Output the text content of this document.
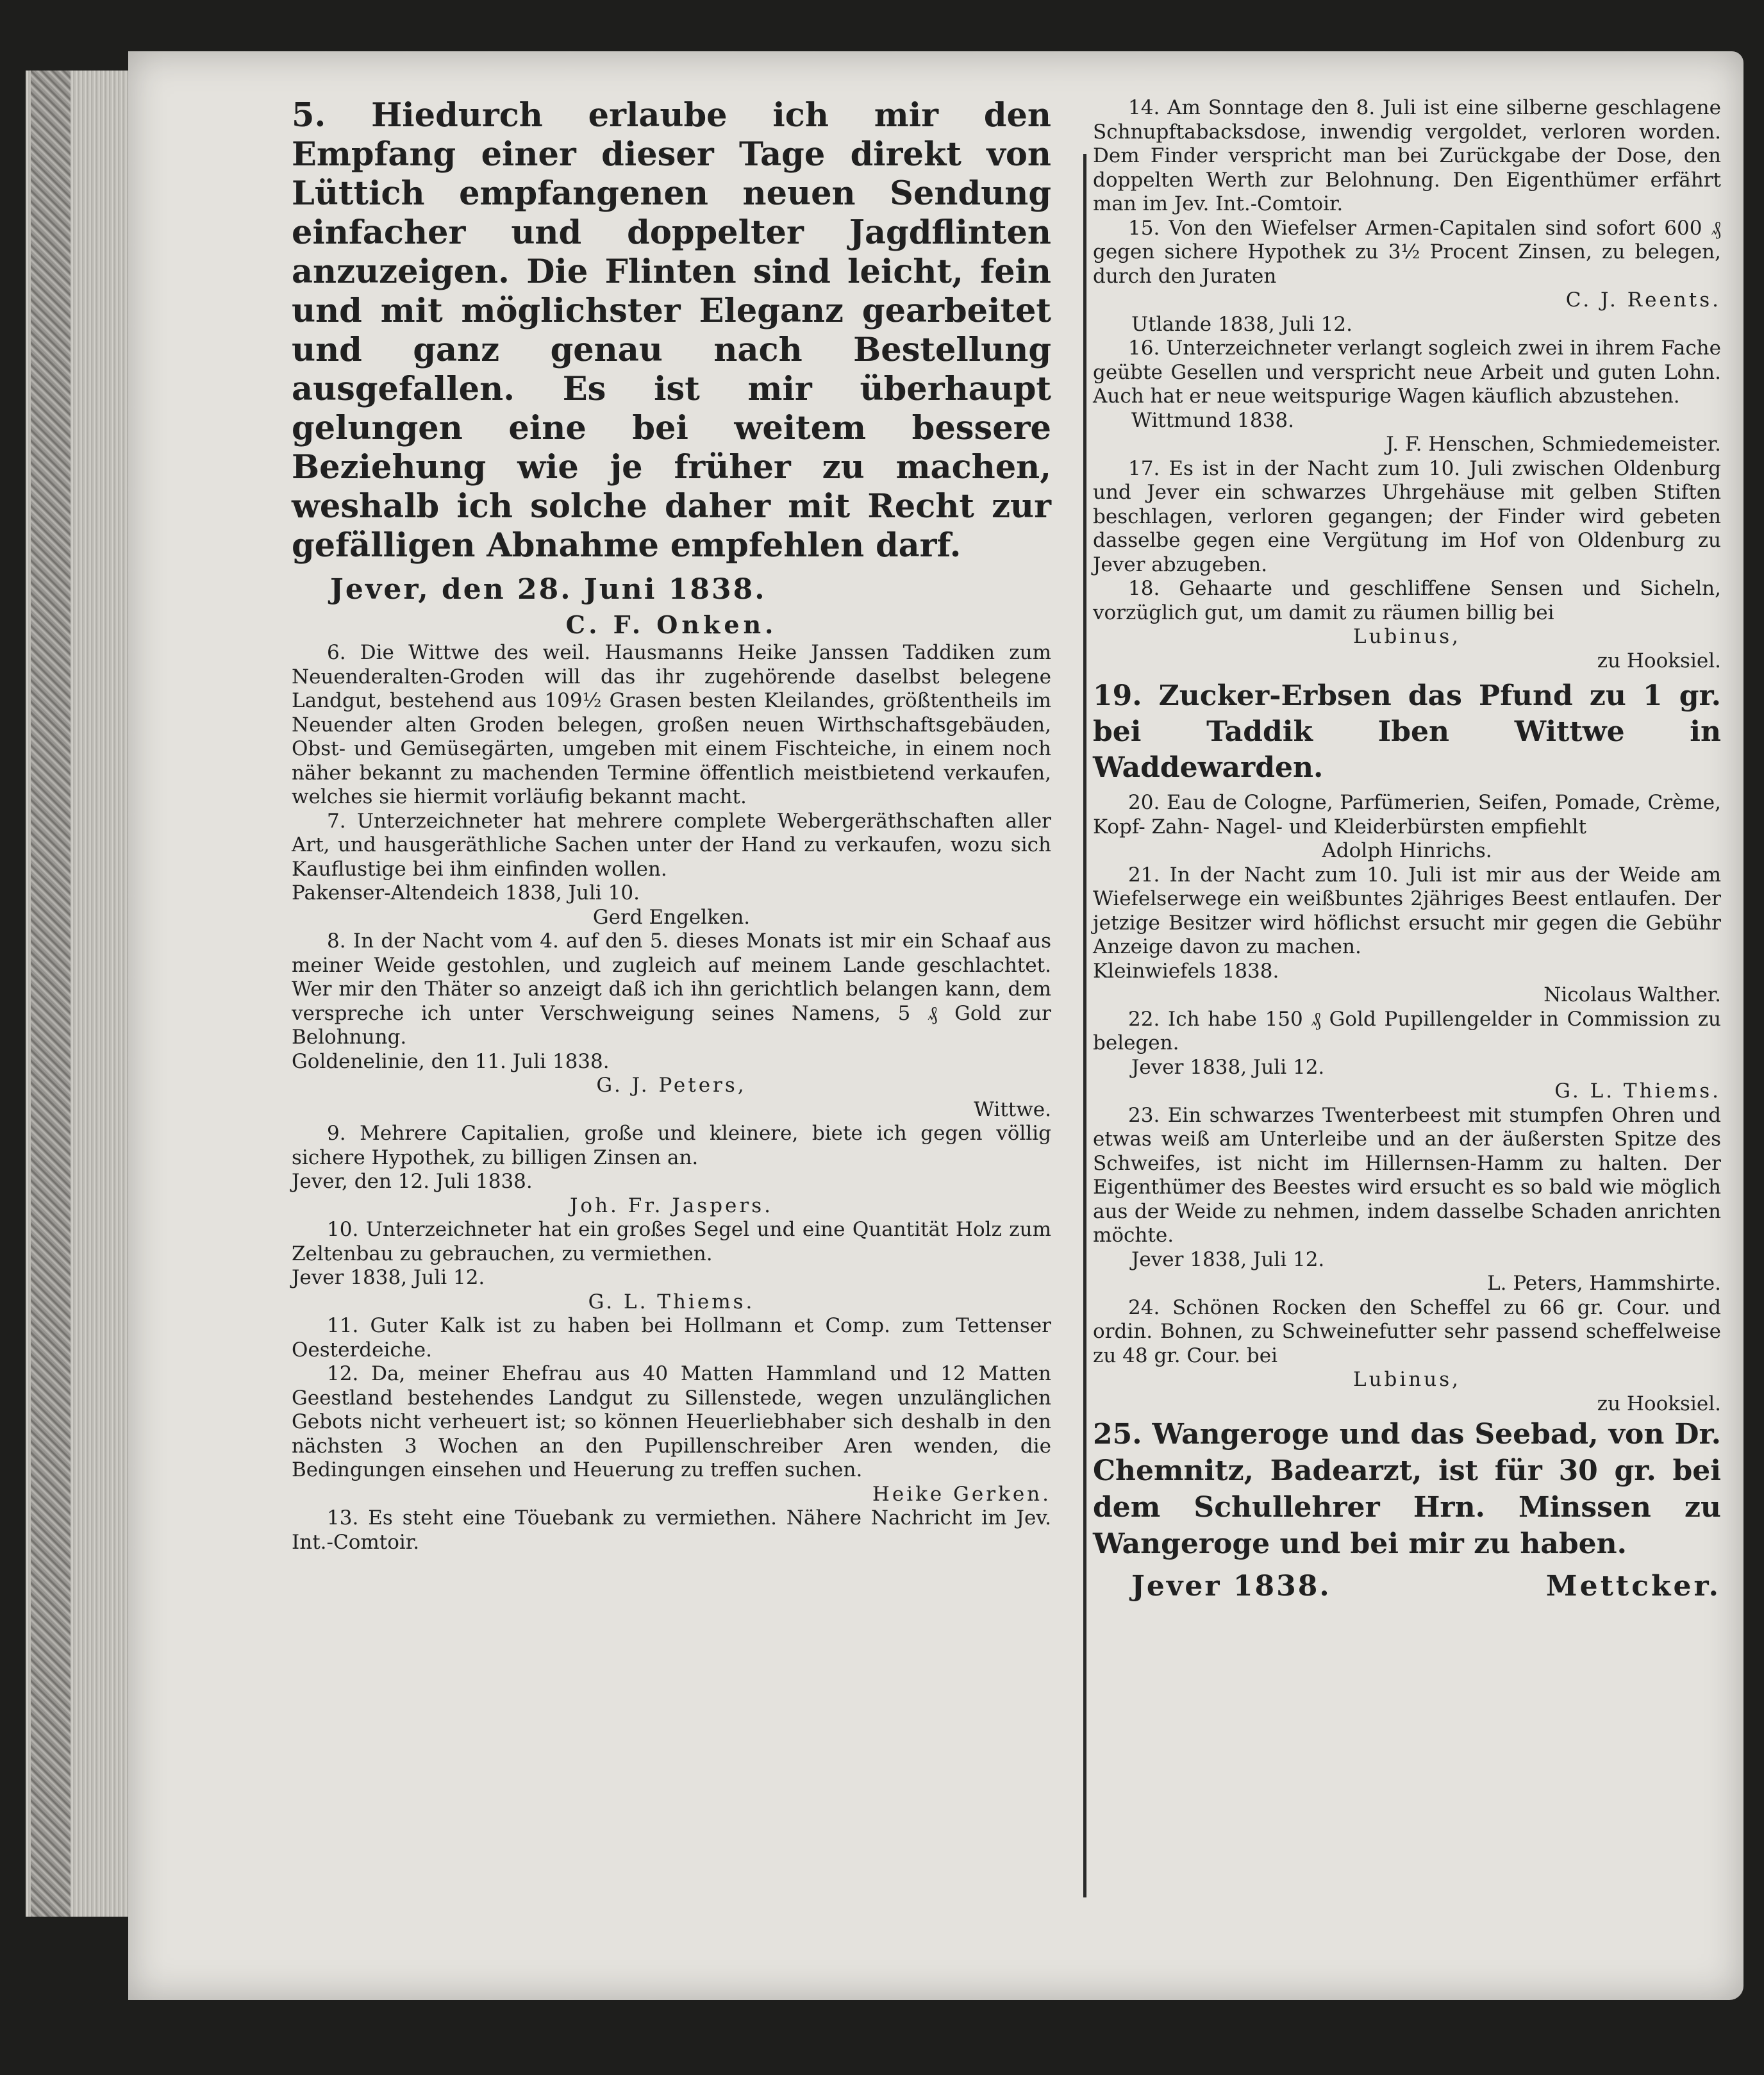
5. Hiedurch erlaube ich mir den Empfang einer dieser Tage direkt von Lüttich empfangenen neuen Sendung einfacher und doppelter Jagdflinten anzuzeigen. Die Flinten sind leicht, fein und mit möglichster Eleganz gearbeitet und ganz genau nach Bestellung ausgefallen. Es ist mir überhaupt gelungen eine bei weitem bessere Beziehung wie je früher zu machen, weshalb ich solche daher mit Recht zur gefälligen Abnahme empfehlen darf.

Jever, den 28. Juni 1838.

C. F. Onken.

6. Die Wittwe des weil. Hausmanns Heike Janssen Taddiken zum Neuenderalten-Groden will das ihr zugehörende daselbst belegene Landgut, bestehend aus 109½ Grasen besten Kleilandes, größtentheils im Neuender alten Groden belegen, großen neuen Wirthschaftsgebäuden, Obst- und Gemüsegärten, umgeben mit einem Fischteiche, in einem noch näher bekannt zu machenden Termine öffentlich meistbietend verkaufen, welches sie hiermit vorläufig bekannt macht.

7. Unterzeichneter hat mehrere complete Webergeräthschaften aller Art, und hausgeräthliche Sachen unter der Hand zu verkaufen, wozu sich Kauflustige bei ihm einfinden wollen.

Pakenser-Altendeich 1838, Juli 10.

Gerd Engelken.

8. In der Nacht vom 4. auf den 5. dieses Monats ist mir ein Schaaf aus meiner Weide gestohlen, und zugleich auf meinem Lande geschlachtet. Wer mir den Thäter so anzeigt daß ich ihn gerichtlich belangen kann, dem verspreche ich unter Verschweigung seines Namens, 5 ₰ Gold zur Belohnung.

Goldenelinie, den 11. Juli 1838.

G. J. Peters,

Wittwe.

9. Mehrere Capitalien, große und kleinere, biete ich gegen völlig sichere Hypothek, zu billigen Zinsen an.

Jever, den 12. Juli 1838.

Joh. Fr. Jaspers.

10. Unterzeichneter hat ein großes Segel und eine Quantität Holz zum Zeltenbau zu gebrauchen, zu vermiethen.

Jever 1838, Juli 12.

G. L. Thiems.

11. Guter Kalk ist zu haben bei Hollmann et Comp. zum Tettenser Oesterdeiche.

12. Da, meiner Ehefrau aus 40 Matten Hammland und 12 Matten Geestland bestehendes Landgut zu Sillenstede, wegen unzulänglichen Gebots nicht verheuert ist; so können Heuerliebhaber sich deshalb in den nächsten 3 Wochen an den Pupillenschreiber Aren wenden, die Bedingungen einsehen und Heuerung zu treffen suchen.

Heike Gerken.

13. Es steht eine Töuebank zu vermiethen. Nähere Nachricht im Jev. Int.-Comtoir.

14. Am Sonntage den 8. Juli ist eine silberne geschlagene Schnupftabacksdose, inwendig vergoldet, verloren worden. Dem Finder verspricht man bei Zurückgabe der Dose, den doppelten Werth zur Belohnung. Den Eigenthümer erfährt man im Jev. Int.-Comtoir.

15. Von den Wiefelser Armen-Capitalen sind sofort 600 ₰ gegen sichere Hypothek zu 3½ Procent Zinsen, zu belegen, durch den Juraten

C. J. Reents.

Utlande 1838, Juli 12.

16. Unterzeichneter verlangt sogleich zwei in ihrem Fache geübte Gesellen und verspricht neue Arbeit und guten Lohn. Auch hat er neue weitspurige Wagen käuflich abzustehen.

Wittmund 1838.

J. F. Henschen, Schmiedemeister.

17. Es ist in der Nacht zum 10. Juli zwischen Oldenburg und Jever ein schwarzes Uhrgehäuse mit gelben Stiften beschlagen, verloren gegangen; der Finder wird gebeten dasselbe gegen eine Vergütung im Hof von Oldenburg zu Jever abzugeben.

18. Gehaarte und geschliffene Sensen und Sicheln, vorzüglich gut, um damit zu räumen billig bei

Lubinus,

zu Hooksiel.

19. Zucker-Erbsen das Pfund zu 1 gr. bei Taddik Iben Wittwe in Waddewarden.

20. Eau de Cologne, Parfümerien, Seifen, Pomade, Crème, Kopf- Zahn- Nagel- und Kleiderbürsten empfiehlt

Adolph Hinrichs.

21. In der Nacht zum 10. Juli ist mir aus der Weide am Wiefelserwege ein weißbuntes 2jähriges Beest entlaufen. Der jetzige Besitzer wird höflichst ersucht mir gegen die Gebühr Anzeige davon zu machen.

Kleinwiefels 1838.

Nicolaus Walther.

22. Ich habe 150 ₰ Gold Pupillengelder in Commission zu belegen.

Jever 1838, Juli 12.

G. L. Thiems.

23. Ein schwarzes Twenterbeest mit stumpfen Ohren und etwas weiß am Unterleibe und an der äußersten Spitze des Schweifes, ist nicht im Hillernsen-Hamm zu halten. Der Eigenthümer des Beestes wird ersucht es so bald wie möglich aus der Weide zu nehmen, indem dasselbe Schaden anrichten möchte.

Jever 1838, Juli 12.

L. Peters, Hammshirte.

24. Schönen Rocken den Scheffel zu 66 gr. Cour. und ordin. Bohnen, zu Schweinefutter sehr passend scheffelweise zu 48 gr. Cour. bei

Lubinus,

zu Hooksiel.

25. Wangeroge und das Seebad, von Dr. Chemnitz, Badearzt, ist für 30 gr. bei dem Schullehrer Hrn. Minssen zu Wangeroge und bei mir zu haben.

Jever 1838.	Mettcker.
